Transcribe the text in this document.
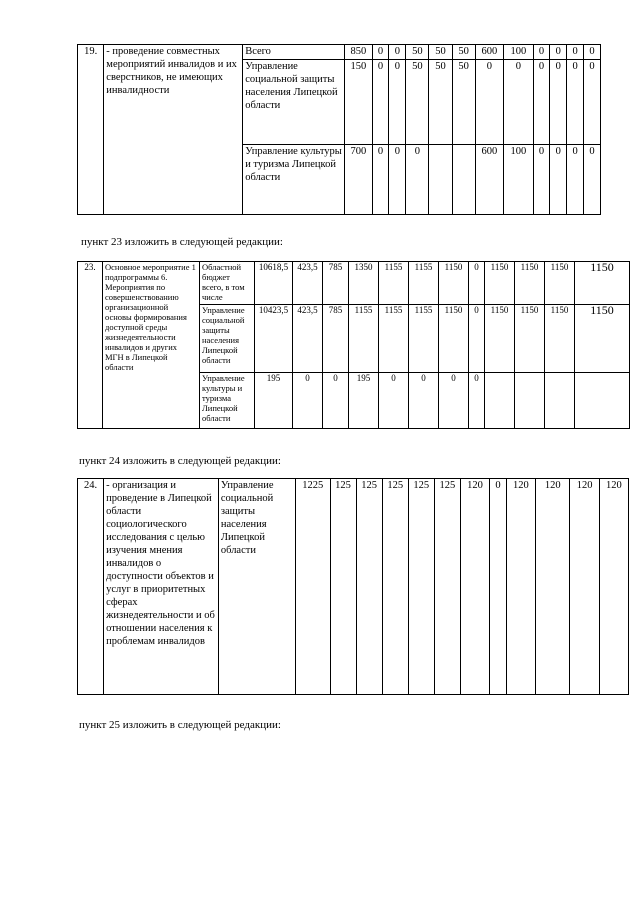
19.	- проведение совместных мероприятий инвалидов и их сверстников, не имеющих инвалидности	Всего	850	0	0	50	50	50	600	100	0	0	0	0
		Управление социальной защиты населения Липецкой области	150	0	0	50	50	50	0	0	0	0	0	0
		Управление культуры и туризма Липецкой области	700	0	0	0			600	100	0	0	0	0
пункт 23 изложить в следующей редакции:
23.	Основное мероприятие 1 подпрограммы 6. Мероприятия по совершенствованию организационной основы формирования доступной среды жизнедеятельности инвалидов и других МГН в Липецкой области	Областной бюджет всего, в том числе	10618,5	423,5	785	1350	1155	1155	1150	0	1150	1150	1150	1150
		Управление социальной защиты населения Липецкой области	10423,5	423,5	785	1155	1155	1155	1150	0	1150	1150	1150	1150
		Управление культуры и туризма Липецкой области	195	0	0	195	0	0	0	0				
пункт 24 изложить в следующей редакции:
24.	- организация и проведение в Липецкой области социологического исследования с целью изучения мнения инвалидов о доступности объектов и услуг в приоритетных сферах жизнедеятельности и об отношении населения к проблемам инвалидов	Управление социальной защиты населения Липецкой области	1225	125	125	125	125	125	120	0	120	120	120	120
пункт 25 изложить в следующей редакции:
